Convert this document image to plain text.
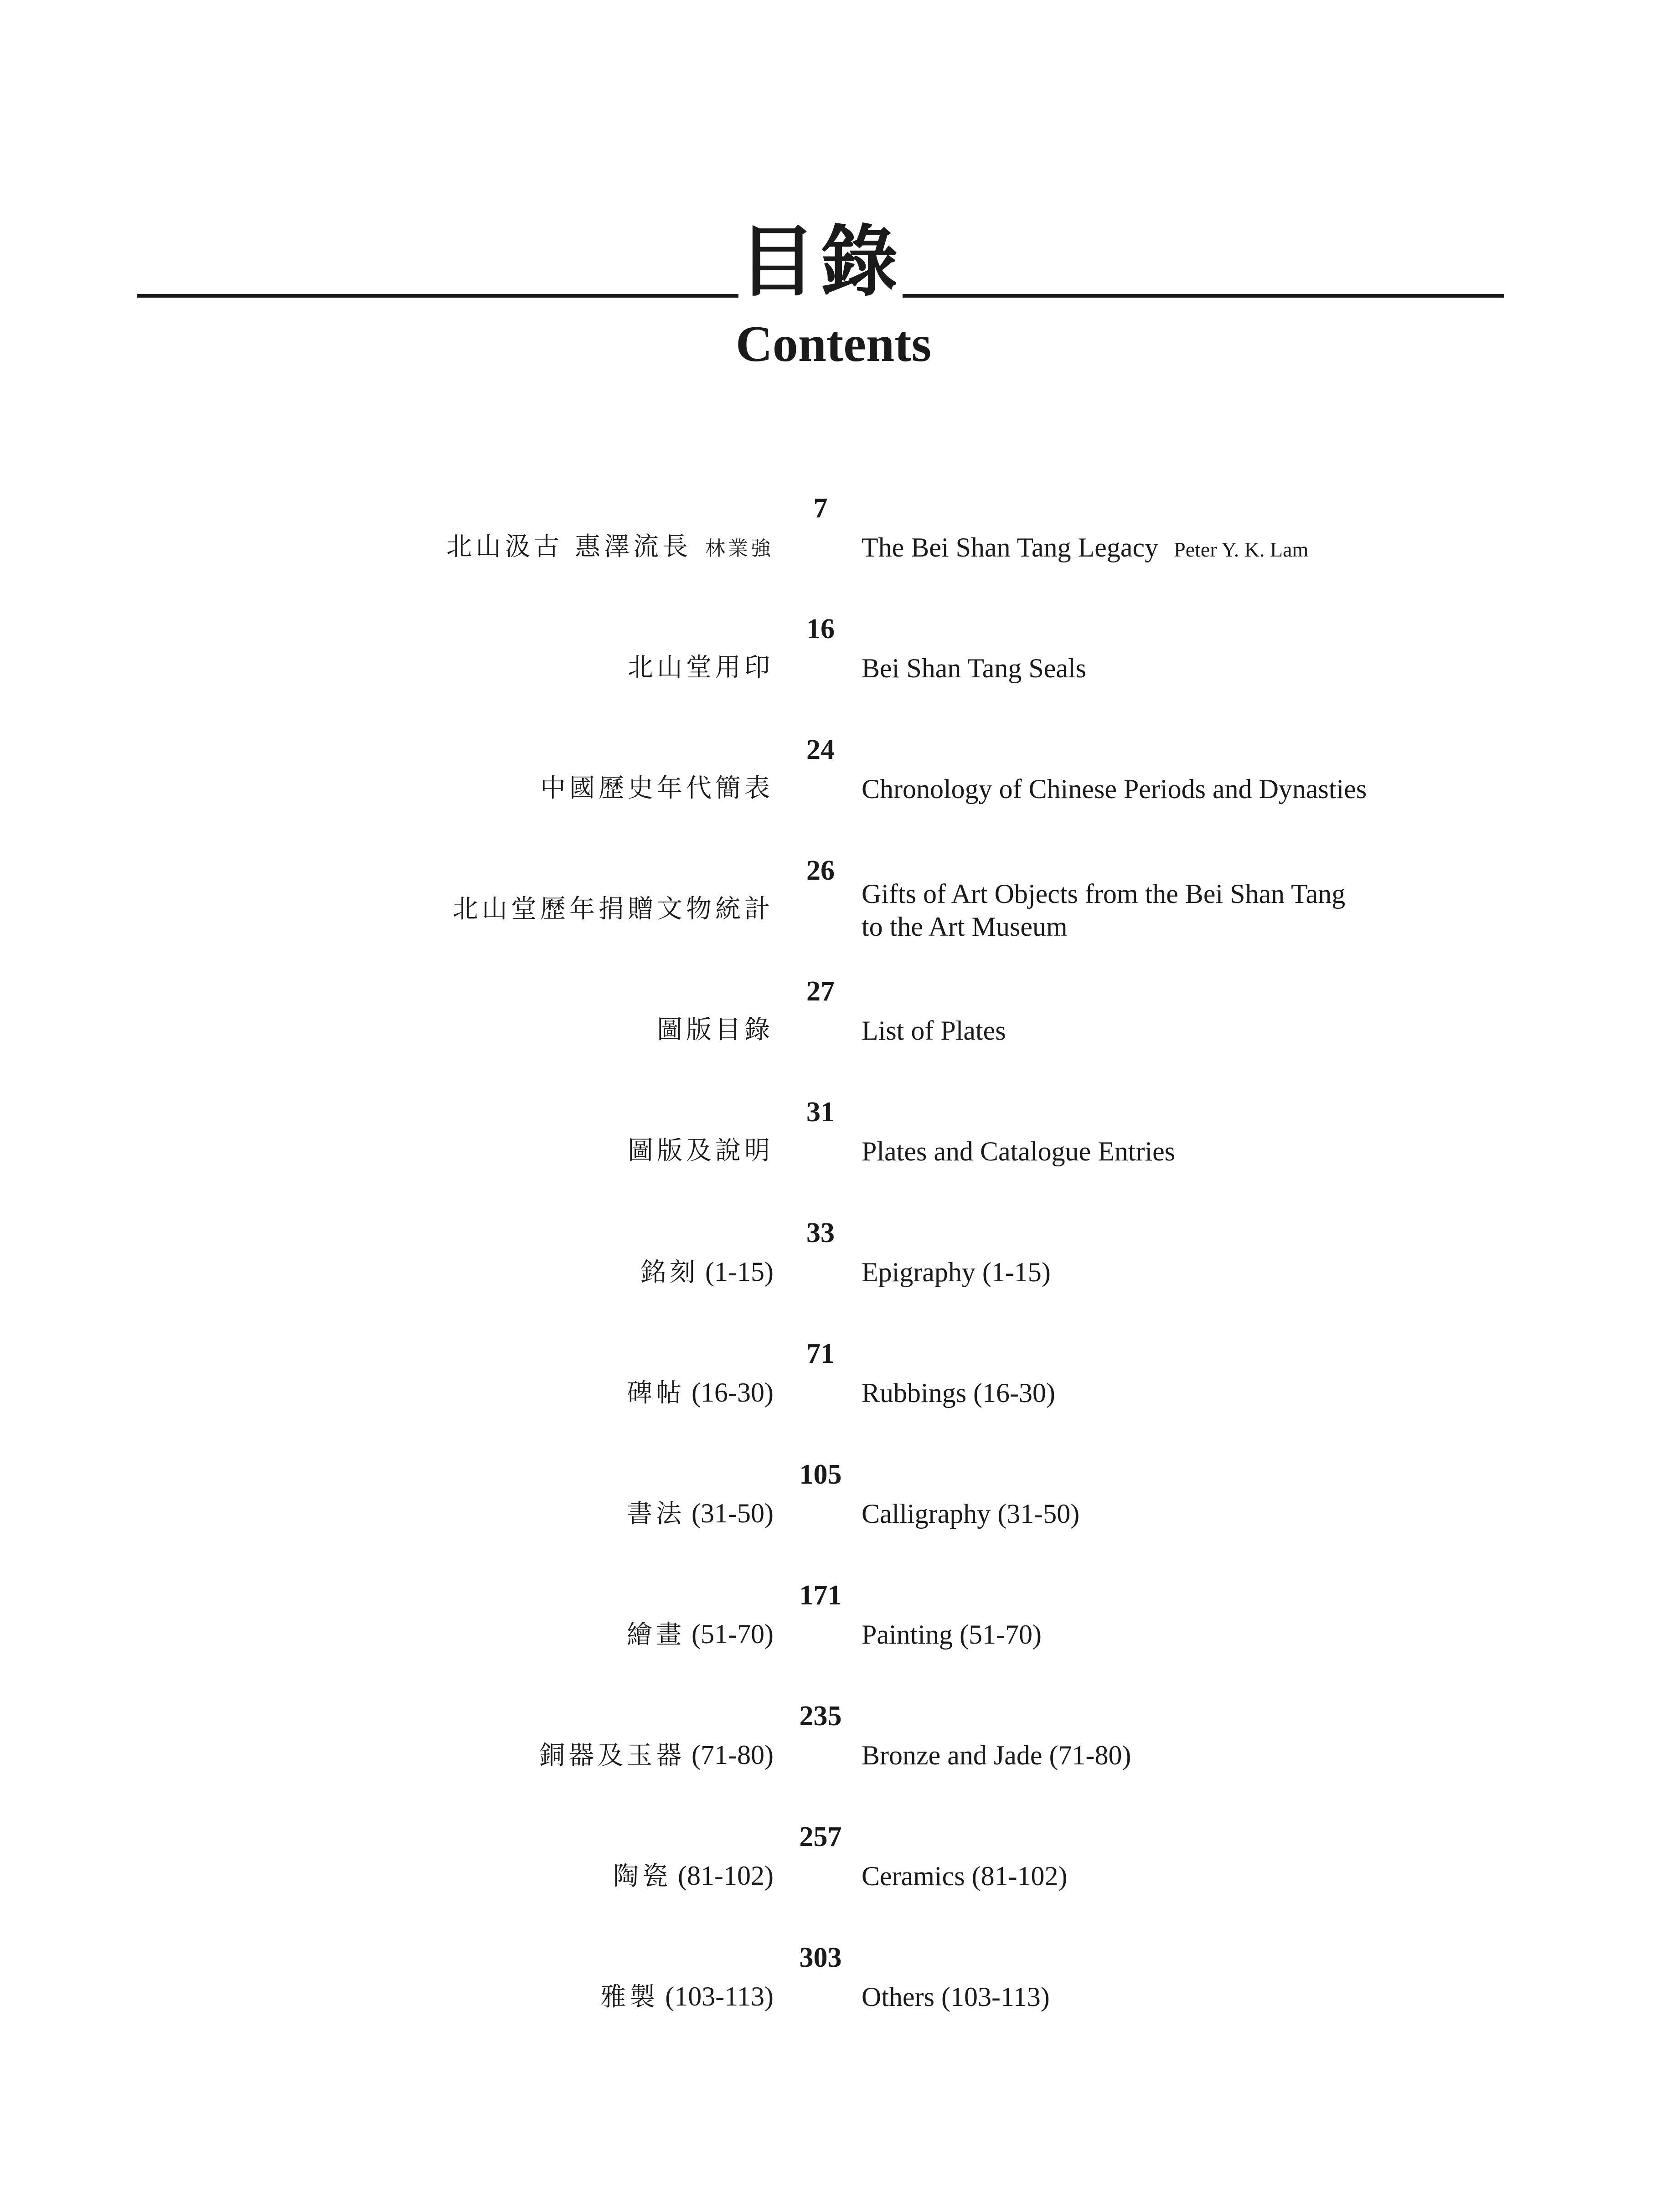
目錄
Contents
7
北山汲古 惠澤流長 林業強	The Bei Shan Tang Legacy Peter Y. K. Lam
16
北山堂用印	Bei Shan Tang Seals
24
中國歷史年代簡表	Chronology of Chinese Periods and Dynasties
26
北山堂歷年捐贈文物統計
Gifts of Art Objects from the Bei Shan Tang
to the Art Museum
27
圖版目錄	List of Plates
31
圖版及說明	Plates and Catalogue Entries
33
銘刻 (1-15)	Epigraphy (1-15)
71
碑帖 (16-30)	Rubbings (16-30)
105
書法 (31-50)	Calligraphy (31-50)
171
繪畫 (51-70)	Painting (51-70)
235
銅器及玉器 (71-80)	Bronze and Jade (71-80)
257
陶瓷 (81-102)	Ceramics (81-102)
303
雅製 (103-113)	Others (103-113)
